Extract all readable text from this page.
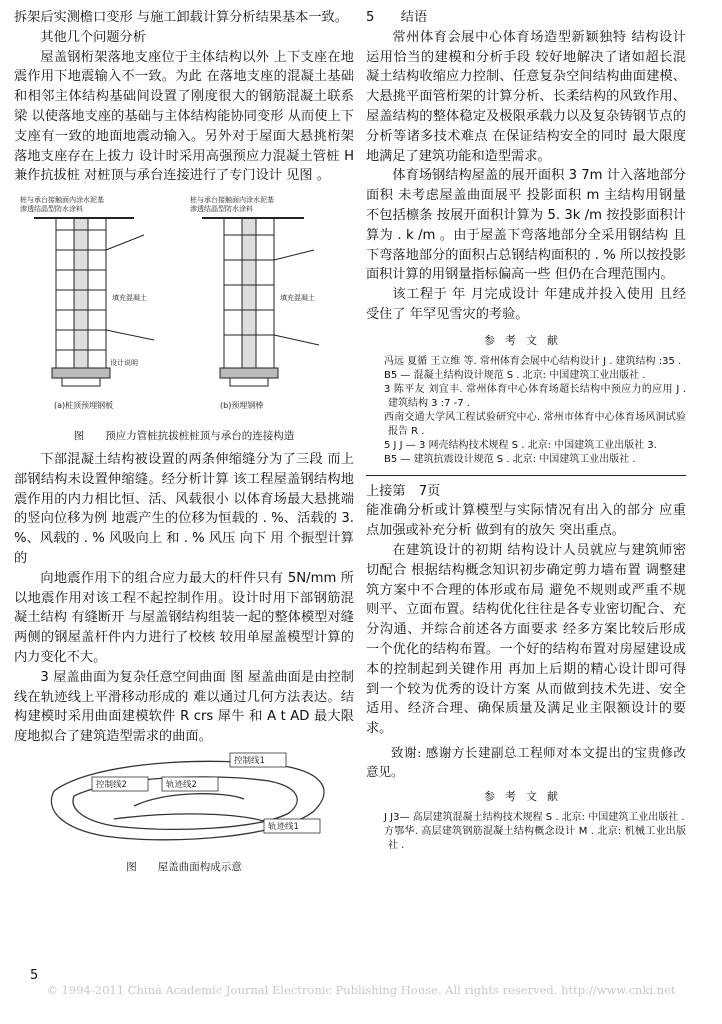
拆架后实测檐口变形 与施工卸载计算分析结果基本一致。

其他几个问题分析

屋盖钢桁架落地支座位于主体结构以外 上下支座在地震作用下地震输入不一致。为此 在落地支座的混凝土基础和相邻主体结构基础间设置了刚度很大的钢筋混凝土联系梁 以使落地支座的基础与主体结构能协同变形 从而使上下支座有一致的地面地震动输入。另外对于屋面大悬挑桁架 落地支座存在上拔力 设计时采用高强预应力混凝土管桩 H 兼作抗拔桩 对桩顶与承台连接进行了专门设计 见图 。

桩与承台接触面内涂水泥基
渗透结晶型防水涂料
桩与承台接触面内涂水泥基
渗透结晶型防水涂料
填充混凝土	填充混凝土
设计说明
(a)桩顶预埋钢板	(b)预埋钢棒

图　　预应力管桩抗拔桩桩顶与承台的连接构造

下部混凝土结构被设置的两条伸缩缝分为了三段 而上部钢结构未设置伸缩缝。经分析计算 该工程屋盖钢结构地震作用的内力相比恒、活、风载很小 以体育场最大悬挑端的竖向位移为例 地震产生的位移为恒载的 . %、活载的 3. %、风载的 . % 风吸向上 和 . % 风压 向下 用 个振型计算的

向地震作用下的组合应力最大的杆件只有 5N/mm 所以地震作用对该工程不起控制作用。设计时用下部钢筋混凝土结构 有缝断开 与屋盖钢结构组装一起的整体模型对缝两侧的钢屋盖杆件内力进行了校核 较用单屋盖模型计算的内力变化不大。

3 屋盖曲面为复杂任意空间曲面 图 屋盖曲面是由控制线在轨迹线上平滑移动形成的 难以通过几何方法表达。结构建模时采用曲面建模软件 R crs 犀牛 和 A t AD 最大限度地拟合了建筑造型需求的曲面。

控制线1
控制线2	轨迹线2
轨迹线1

图　　屋盖曲面构成示意

5　　结语

常州体育会展中心体育场造型新颖独特 结构设计运用恰当的建模和分析手段 较好地解决了诸如超长混凝土结构收缩应力控制、任意复杂空间结构曲面建模、大悬挑平面管桁架的计算分析、长柔结构的风致作用、屋盖结构的整体稳定及极限承载力以及复杂铸钢节点的分析等诸多技术难点 在保证结构安全的同时 最大限度地满足了建筑功能和造型需求。

体育场钢结构屋盖的展开面积 3 7m 计入落地部分面积 未考虑屋盖曲面展平 投影面积 m 主结构用钢量 不包括檩条 按展开面积计算为 5. 3k /m 按投影面积计算为 . k /m 。由于屋盖下弯落地部分全采用钢结构 且下弯落地部分的面积占总钢结构面积的 . % 所以按投影面积计算的用钢量指标偏高一些 但仍在合理范围内。

该工程于 年 月完成设计 年建成并投入使用 且经受住了 年罕见雪灾的考验。

参考文献

冯远 夏循 王立维 等. 常州体育会展中心结构设计 J . 建筑结构 :35 .

B5 — 混凝土结构设计规范 S . 北京: 中国建筑工业出版社 .

3 陈平友 刘宜丰. 常州体育中心体育场超长结构中预应力的应用 J . 建筑结构 3 :7 -7 .

西南交通大学风工程试验研究中心. 常州市体育中心体育场风洞试验报告 R .

5 J J — 3 网壳结构技术规程 S . 北京: 中国建筑工业出版社 3.

B5 — 建筑抗震设计规范 S . 北京: 中国建筑工业出版社 .

上接第　7页

能准确分析或计算模型与实际情况有出入的部分 应重点加强或补充分析 做到有的放矢 突出重点。

在建筑设计的初期 结构设计人员就应与建筑师密切配合 根据结构概念知识初步确定剪力墙布置 调整建筑方案中不合理的体形或布局 避免不规则或严重不规则平、立面布置。结构优化往往是各专业密切配合、充分沟通、并综合前述各方面要求 经多方案比较后形成一个优化的结构布置。一个好的结构布置对房屋建设成本的控制起到关键作用 再加上后期的精心设计即可得到一个较为优秀的设计方案 从而做到技术先进、安全适用、经济合理、确保质量及满足业主限额设计的要求。

致谢: 感谢方长建副总工程师对本文提出的宝贵修改意见。

参考文献

J J3— 高层建筑混凝土结构技术规程 S . 北京: 中国建筑工业出版社 .

方鄂华. 高层建筑钢筋混凝土结构概念设计 M . 北京: 机械工业出版社 .

5
© 1994-2011 China Academic Journal Electronic Publishing House. All rights reserved. http://www.cnki.net
